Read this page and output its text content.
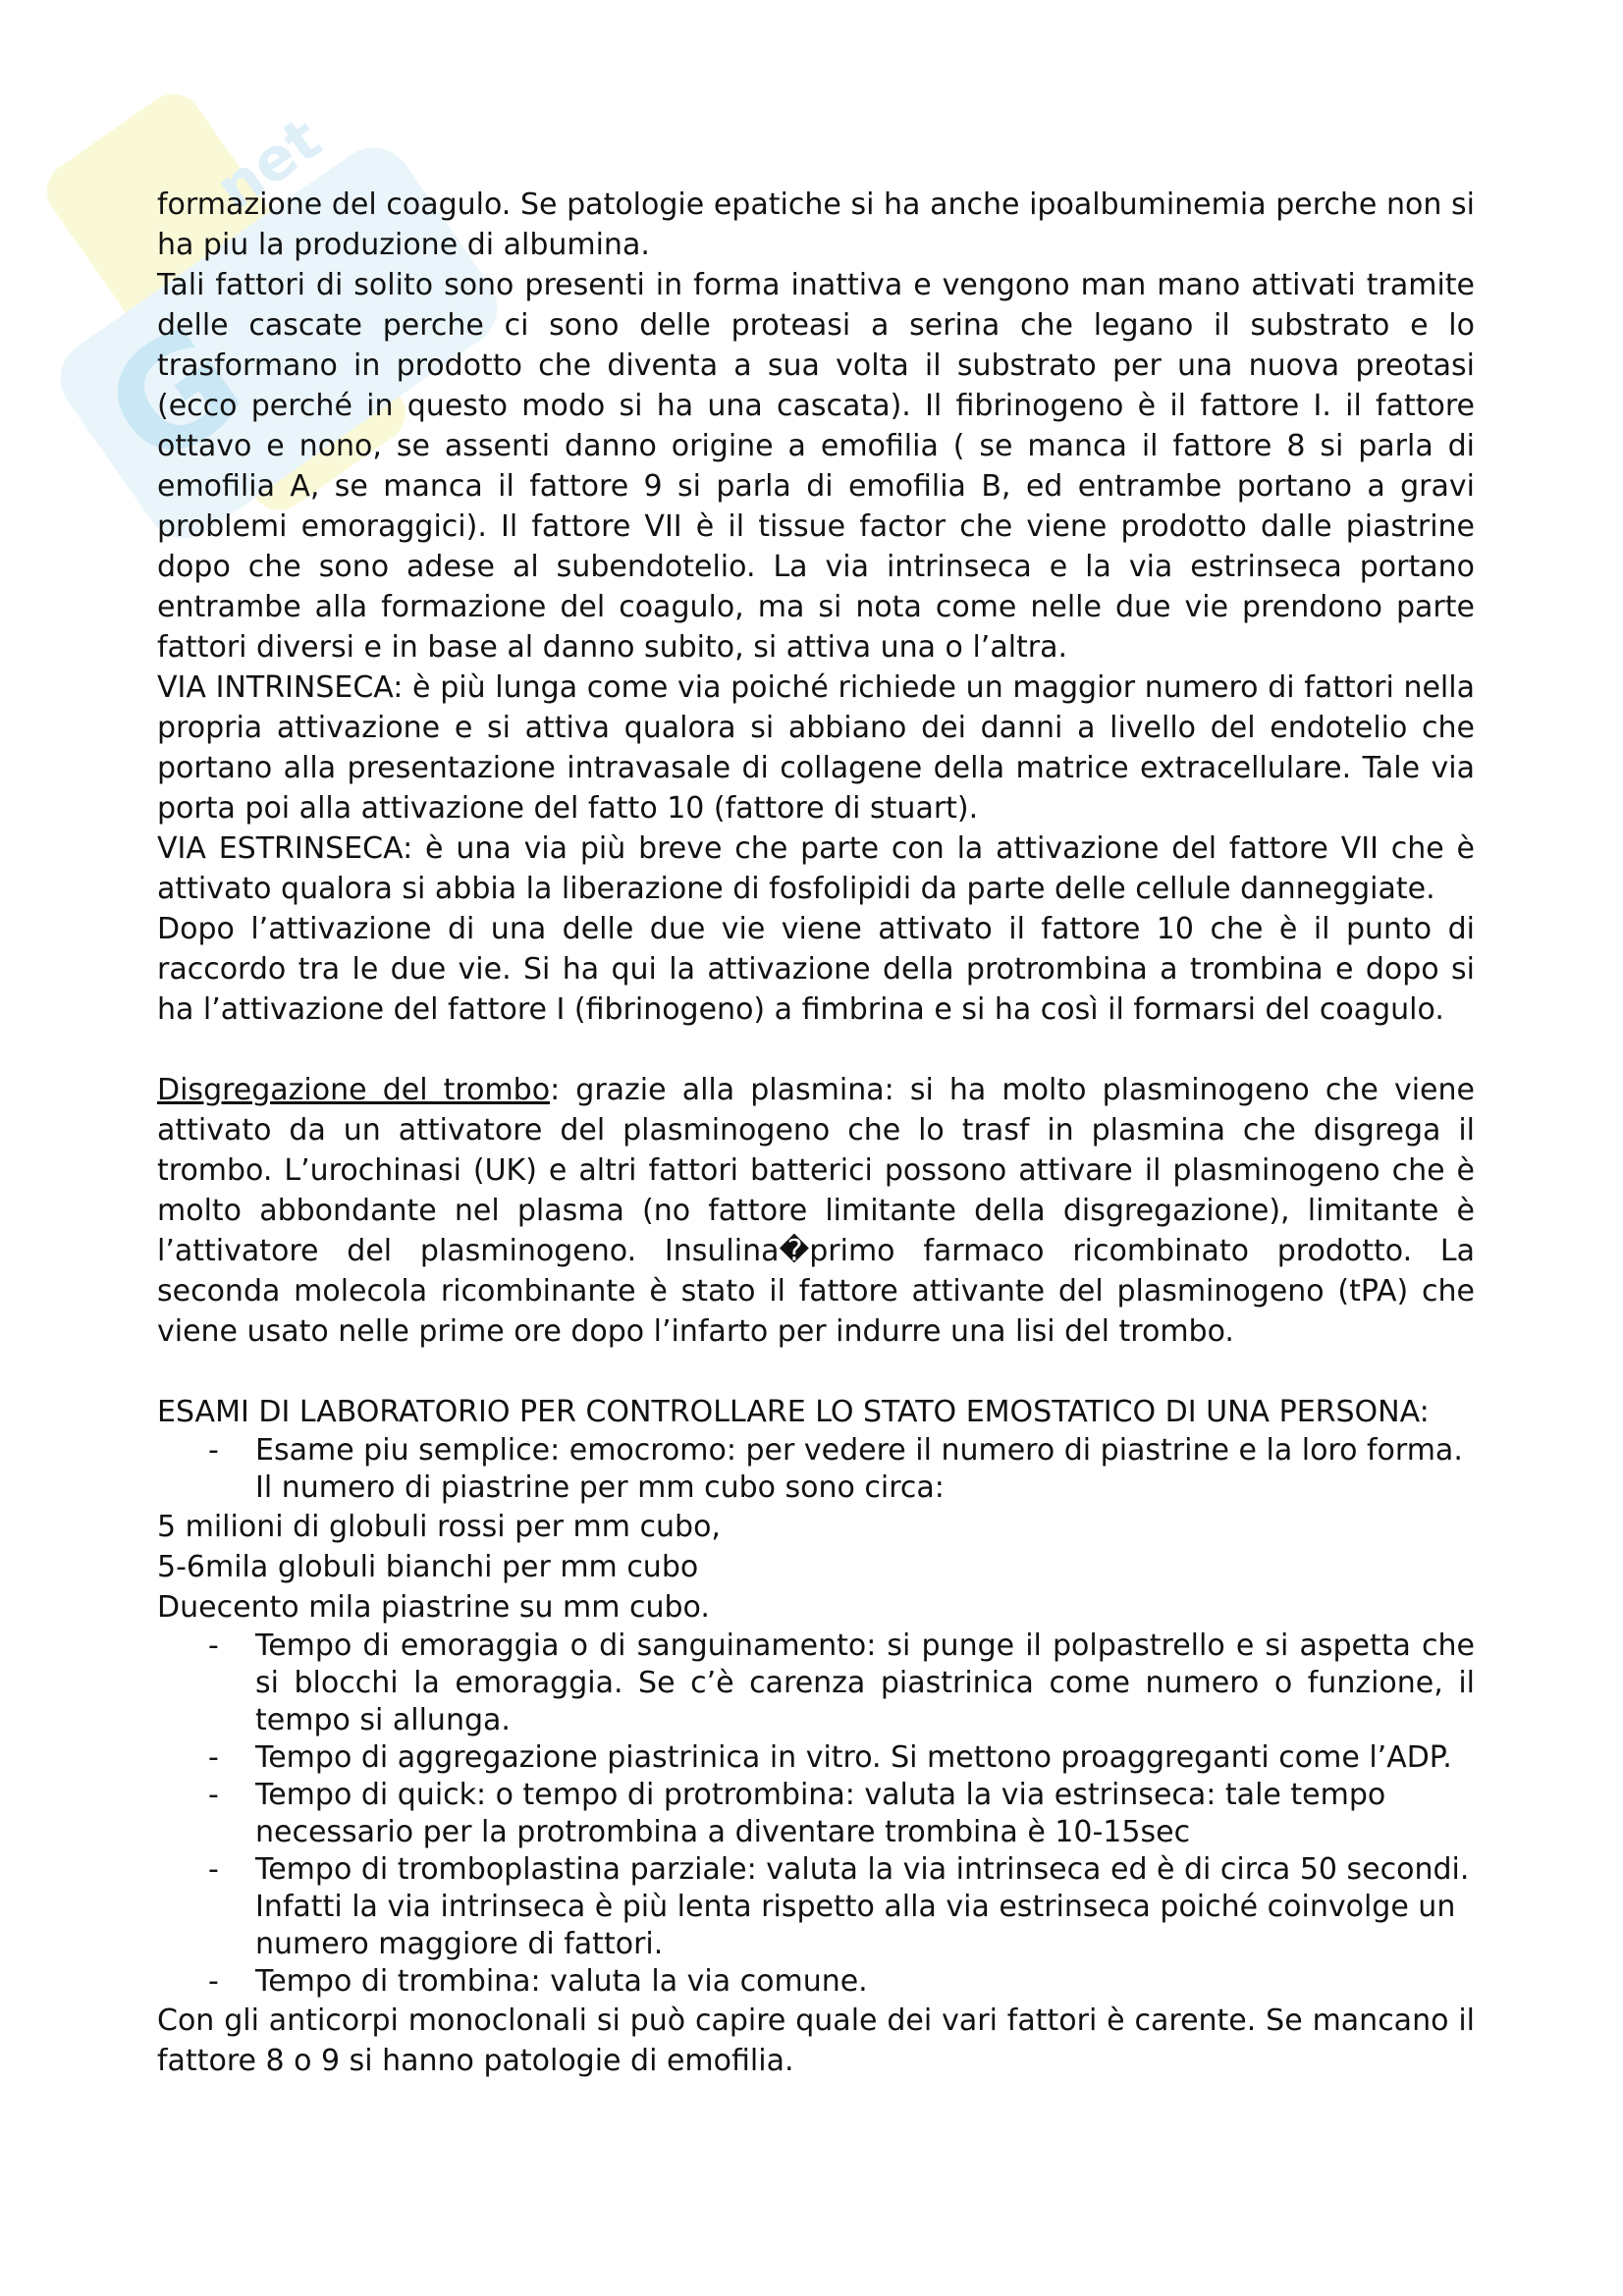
G
net

formazione del coagulo. Se patologie epatiche si ha anche ipoalbuminemia perche non si ha piu la produzione di albumina.

Tali fattori di solito sono presenti in forma inattiva e vengono man mano attivati tramite delle cascate perche ci sono delle proteasi a serina che legano il substrato e lo trasformano in prodotto che diventa a sua volta il substrato per una nuova preotasi (ecco perché in questo modo si ha una cascata). Il fibrinogeno è il fattore I. il fattore ottavo e nono, se assenti danno origine a emofilia ( se manca il fattore 8 si parla di emofilia A, se manca il fattore 9 si parla di emofilia B, ed entrambe portano a gravi problemi emoraggici). Il fattore VII è il tissue factor che viene prodotto dalle piastrine dopo che sono adese al subendotelio. La via intrinseca e la via estrinseca portano entrambe alla formazione del coagulo, ma si nota come nelle due vie prendono parte fattori diversi e in base al danno subito, si attiva una o l’altra.

VIA INTRINSECA: è più lunga come via poiché richiede un maggior numero di fattori nella propria attivazione e si attiva qualora si abbiano dei danni a livello del endotelio che portano alla presentazione intravasale di collagene della matrice extracellulare. Tale via porta poi alla attivazione del fatto 10 (fattore di stuart).

VIA ESTRINSECA: è una via più breve che parte con la attivazione del fattore VII che è attivato qualora si abbia la liberazione di fosfolipidi da parte delle cellule danneggiate.

Dopo l’attivazione di una delle due vie viene attivato il fattore 10 che è il punto di raccordo tra le due vie. Si ha qui la attivazione della protrombina a trombina e dopo si ha l’attivazione del fattore I (fibrinogeno) a fimbrina e si ha così il formarsi del coagulo.

Disgregazione del trombo: grazie alla plasmina: si ha molto plasminogeno che viene attivato da un attivatore del plasminogeno che lo trasf in plasmina che disgrega il trombo. L’urochinasi (UK) e altri fattori batterici possono attivare il plasminogeno che è molto abbondante nel plasma (no fattore limitante della disgregazione), limitante è l’attivatore del plasminogeno. Insulina�primo farmaco ricombinato prodotto. La seconda molecola ricombinante è stato il fattore attivante del plasminogeno (tPA) che viene usato nelle prime ore dopo l’infarto per indurre una lisi del trombo.

ESAMI DI LABORATORIO PER CONTROLLARE LO STATO EMOSTATICO DI UNA PERSONA:

- Esame piu semplice: emocromo: per vedere il numero di piastrine e la loro forma. Il numero di piastrine per mm cubo sono circa:

5 milioni di globuli rossi per mm cubo,

5-6mila globuli bianchi per mm cubo

Duecento mila piastrine su mm cubo.

- Tempo di emoraggia o di sanguinamento: si punge il polpastrello e si aspetta che si blocchi la emoraggia. Se c’è carenza piastrinica come numero o funzione, il tempo si allunga.
- Tempo di aggregazione piastrinica in vitro. Si mettono proaggreganti come l’ADP.
- Tempo di quick: o tempo di protrombina: valuta la via estrinseca: tale tempo necessario per la protrombina a diventare trombina è 10-15sec
- Tempo di tromboplastina parziale: valuta la via intrinseca ed è di circa 50 secondi. Infatti la via intrinseca è più lenta rispetto alla via estrinseca poiché coinvolge un numero maggiore di fattori.
- Tempo di trombina: valuta la via comune.

Con gli anticorpi monoclonali si può capire quale dei vari fattori è carente. Se mancano il fattore 8 o 9 si hanno patologie di emofilia.
